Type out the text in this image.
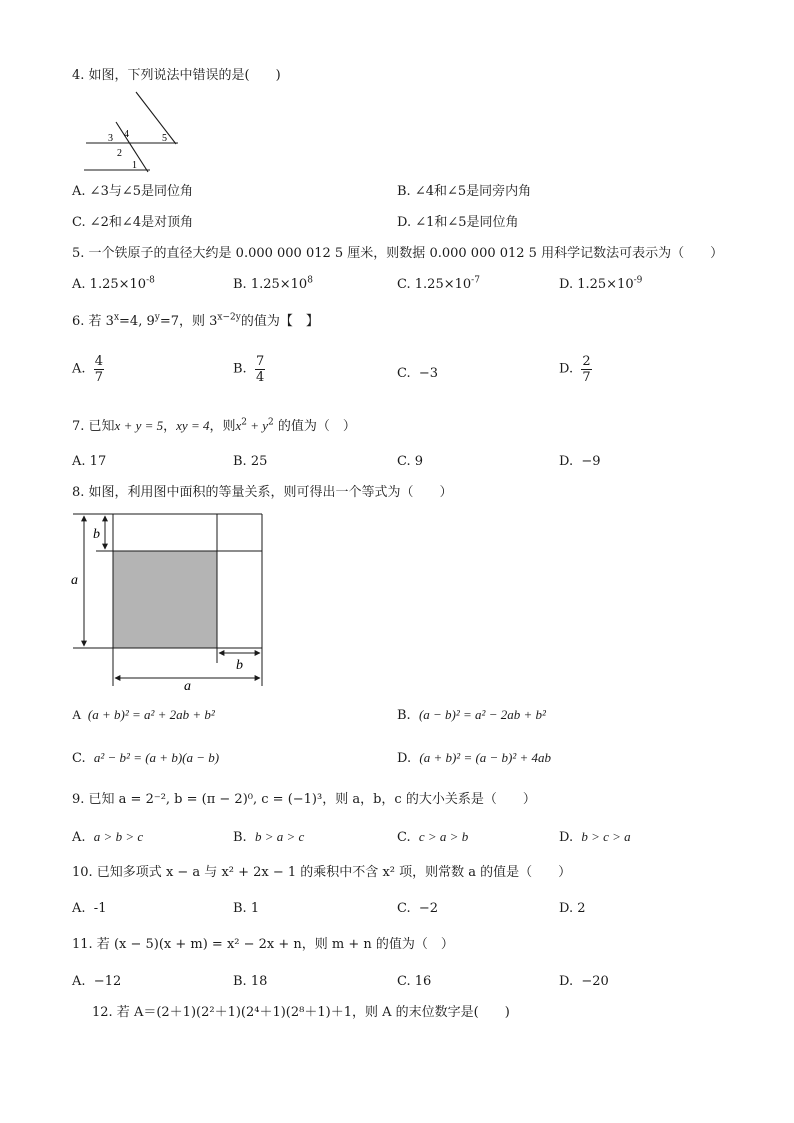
4. 如图，下列说法中错误的是(　　)
3 4	5
2
1
A. ∠3与∠5是同位角	B. ∠4和∠5是同旁内角
C. ∠2和∠4是对顶角	D. ∠1和∠5是同位角
5. 一个铁原子的直径大约是 0.000 000 012 5 厘米，则数据 0.000 000 012 5 用科学记数法可表示为（　　）
A. $1.25\times 10^{-8}$	B. $1.25\times 10^8$	C. $1.25\times 10^{-7}$	D. $1.25\times 10^{-9}$
6. 若 $3^x=4$, $9^y=7$，则 $3^{x-2y}$的值为【　】
A. $\frac{4}{7}$	B. $\frac{7}{4}$	C. −3	D. $\frac{2}{7}$
7. 已知x + y = 5，xy = 4，则$x^2 + y^2$ 的值为（　）
A. 17	B. 25	C. 9	D. −9
8. 如图，利用图中面积的等量关系，则可得出一个等式为（　　）
b
a
b
a
A (a + b)² = a² + 2ab + b²	B. (a − b)² = a² − 2ab + b²
C. a² − b² = (a + b)(a − b)	D. (a + b)² = (a − b)² + 4ab
9. 已知 a = 2⁻², b = (π − 2)⁰, c = (−1)³，则 a，b，c 的大小关系是（　　）
A. a > b > c	B. b > a > c	C. c > a > b	D. b > c > a
10. 已知多项式 x − a 与 x² + 2x − 1 的乘积中不含 x² 项，则常数 a 的值是（　　）
A. -1	B. 1	C. −2	D. 2
11. 若 (x − 5)(x + m) = x² − 2x + n，则 m + n 的值为（　）
A. −12	B. 18	C. 16	D. −20
12. 若 A＝(2＋1)(2²＋1)(2⁴＋1)(2⁸＋1)＋1，则 A 的末位数字是(　　)
